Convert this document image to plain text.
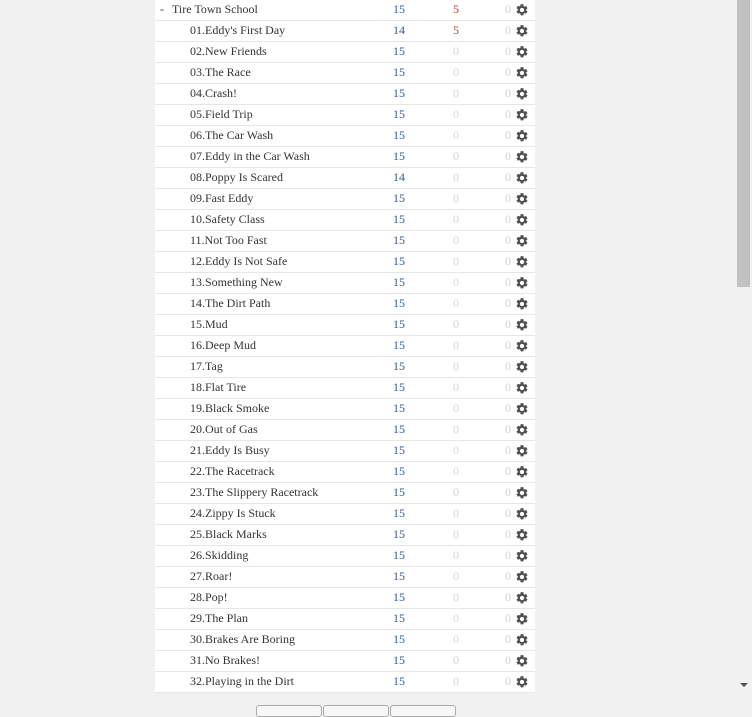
- Tire Town School	15	5	0
01.Eddy's First Day	14	5	0
02.New Friends	15	0	0
03.The Race	15	0	0
04.Crash!	15	0	0
05.Field Trip	15	0	0
06.The Car Wash	15	0	0
07.Eddy in the Car Wash	15	0	0
08.Poppy Is Scared	14	0	0
09.Fast Eddy	15	0	0
10.Safety Class	15	0	0
11.Not Too Fast	15	0	0
12.Eddy Is Not Safe	15	0	0
13.Something New	15	0	0
14.The Dirt Path	15	0	0
15.Mud	15	0	0
16.Deep Mud	15	0	0
17.Tag	15	0	0
18.Flat Tire	15	0	0
19.Black Smoke	15	0	0
20.Out of Gas	15	0	0
21.Eddy Is Busy	15	0	0
22.The Racetrack	15	0	0
23.The Slippery Racetrack	15	0	0
24.Zippy Is Stuck	15	0	0
25.Black Marks	15	0	0
26.Skidding	15	0	0
27.Roar!	15	0	0
28.Pop!	15	0	0
29.The Plan	15	0	0
30.Brakes Are Boring	15	0	0
31.No Brakes!	15	0	0
32.Playing in the Dirt	15	0	0
